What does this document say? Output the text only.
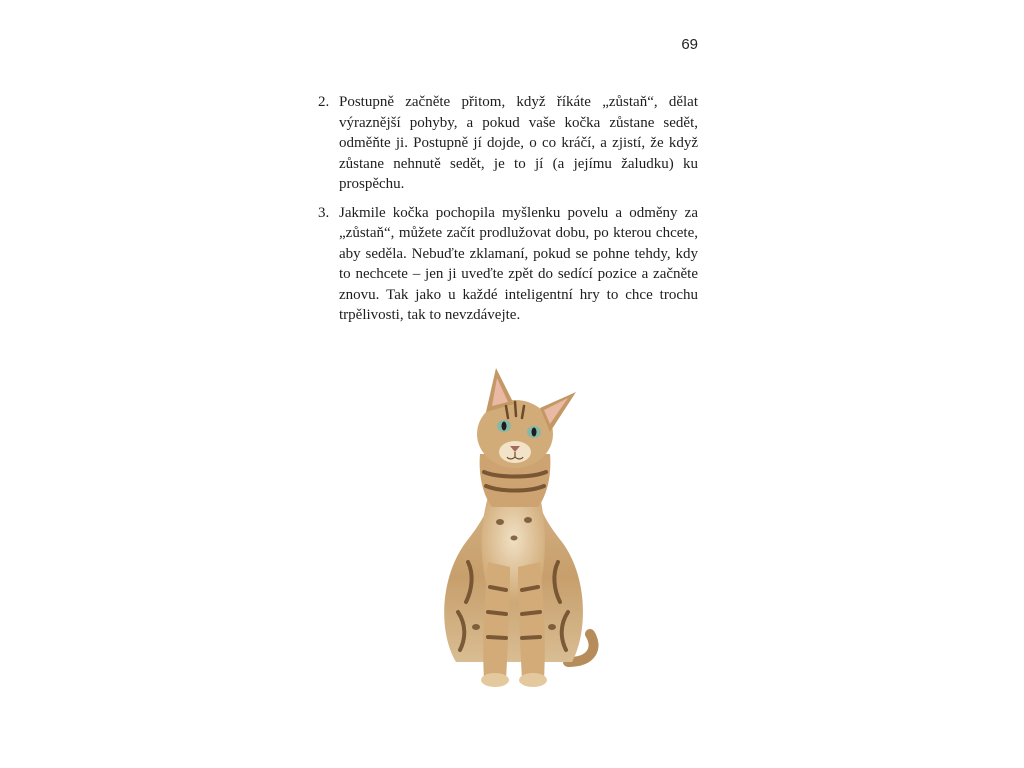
69
2. Postupně začněte přitom, když říkáte „zůstaň“, dělat výraznější pohyby, a pokud vaše kočka zůstane sedět, odměňte ji. Postupně jí dojde, o co kráčí, a zjistí, že když zůstane nehnutě sedět, je to jí (a jejímu žaludku) ku prospěchu.
3. Jakmile kočka pochopila myšlenku povelu a odměny za „zůstaň“, můžete začít prodlužovat dobu, po kterou chcete, aby seděla. Nebuďte zklamaní, pokud se pohne tehdy, kdy to nechcete – jen ji uveďte zpět do sedící pozice a začněte znovu. Tak jako u každé inteligentní hry to chce trochu trpělivosti, tak to nevzdávejte.
